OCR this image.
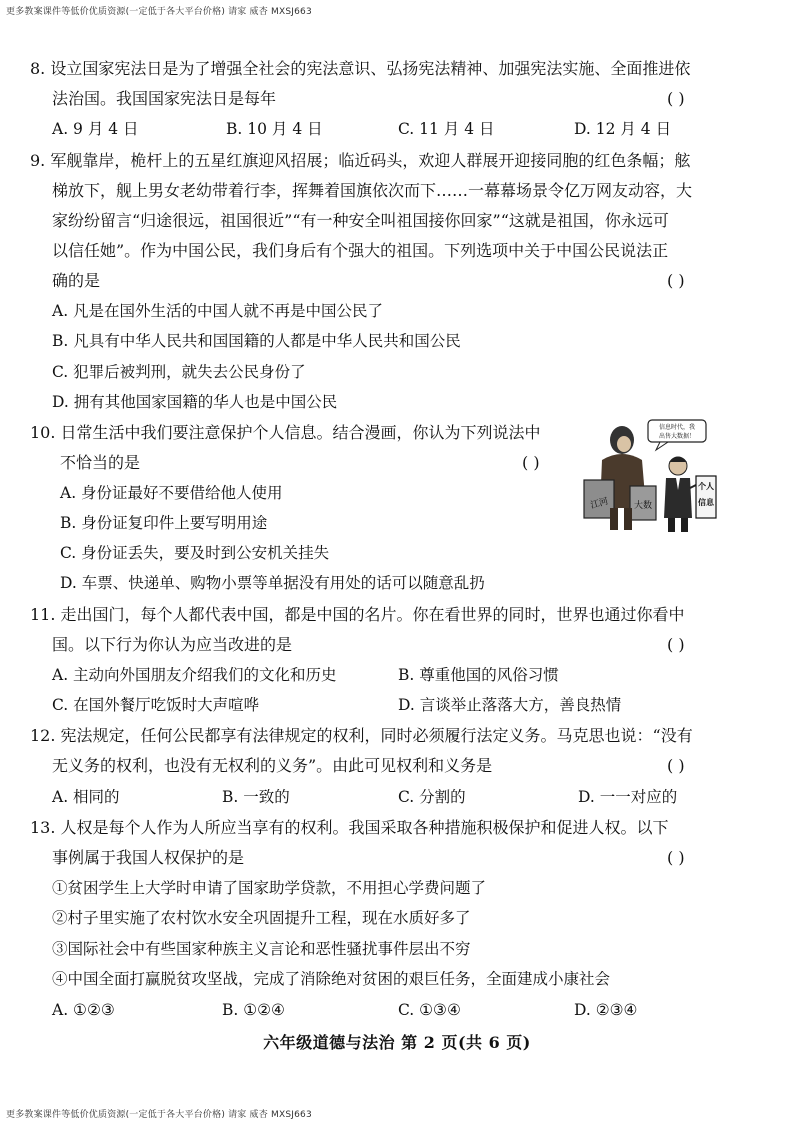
更多教案课件等低价优质资源(一定低于各大平台价格) 请家 威杏 MXSJ663
8. 设立国家宪法日是为了增强全社会的宪法意识、弘扬宪法精神、加强宪法实施、全面推进依
法治国。我国国家宪法日是每年	( )
A. 9 月 4 日	B. 10 月 4 日	C. 11 月 4 日	D. 12 月 4 日
9. 军舰靠岸，桅杆上的五星红旗迎风招展；临近码头，欢迎人群展开迎接同胞的红色条幅；舷
梯放下，舰上男女老幼带着行李，挥舞着国旗依次而下……一幕幕场景令亿万网友动容，大
家纷纷留言“归途很远，祖国很近”“有一种安全叫祖国接你回家”“这就是祖国，你永远可
以信任她”。作为中国公民，我们身后有个强大的祖国。下列选项中关于中国公民说法正
确的是	( )
A. 凡是在国外生活的中国人就不再是中国公民了
B. 凡具有中华人民共和国国籍的人都是中华人民共和国公民
C. 犯罪后被判刑，就失去公民身份了
D. 拥有其他国家国籍的华人也是中国公民
10. 日常生活中我们要注意保护个人信息。结合漫画，你认为下列说法中
不恰当的是	( )
A. 身份证最好不要借给他人使用
B. 身份证复印件上要写明用途
C. 身份证丢失，要及时到公安机关挂失
D. 车票、快递单、购物小票等单据没有用处的话可以随意乱扔
信息时代，我
出售大数据！
江河	大数
个人
信息
11. 走出国门，每个人都代表中国，都是中国的名片。你在看世界的同时，世界也通过你看中
国。以下行为你认为应当改进的是	( )
A. 主动向外国朋友介绍我们的文化和历史	B. 尊重他国的风俗习惯
C. 在国外餐厅吃饭时大声喧哗	D. 言谈举止落落大方，善良热情
12. 宪法规定，任何公民都享有法律规定的权利，同时必须履行法定义务。马克思也说：“没有
无义务的权利，也没有无权利的义务”。由此可见权利和义务是	( )
A. 相同的	B. 一致的	C. 分割的	D. 一一对应的
13. 人权是每个人作为人所应当享有的权利。我国采取各种措施积极保护和促进人权。以下
事例属于我国人权保护的是	( )
①贫困学生上大学时申请了国家助学贷款，不用担心学费问题了
②村子里实施了农村饮水安全巩固提升工程，现在水质好多了
③国际社会中有些国家种族主义言论和恶性骚扰事件层出不穷
④中国全面打赢脱贫攻坚战，完成了消除绝对贫困的艰巨任务，全面建成小康社会
A. ①②③	B. ①②④	C. ①③④	D. ②③④
六年级道德与法治 第 2 页(共 6 页)
更多教案课件等低价优质资源(一定低于各大平台价格) 请家 威杏 MXSJ663
